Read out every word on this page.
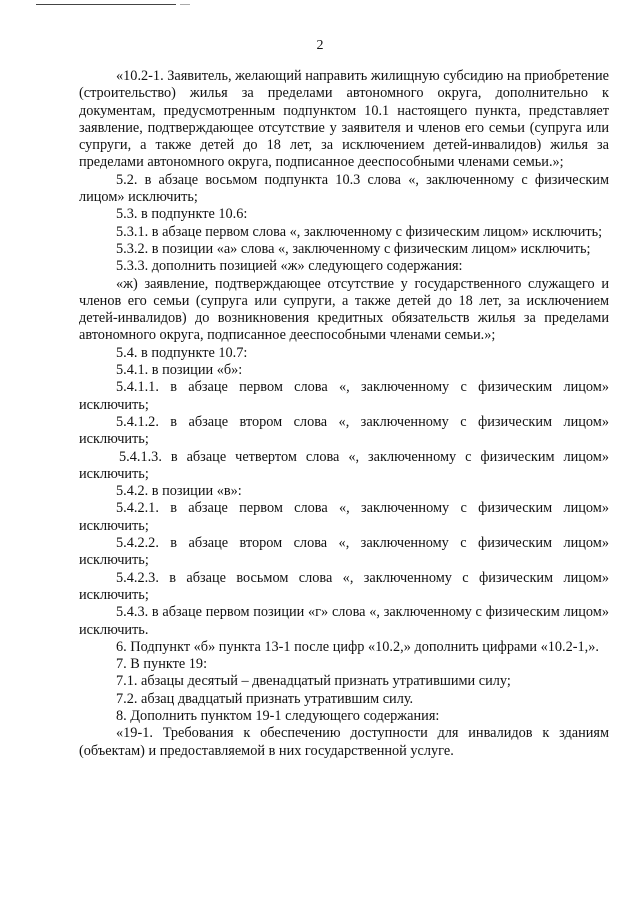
2

«10.2-1. Заявитель, желающий направить жилищную субсидию на приобретение (строительство) жилья за пределами автономного округа, дополнительно к документам, предусмотренным подпунктом 10.1 настоящего пункта, представляет заявление, подтверждающее отсутствие у заявителя и членов его семьи (супруга или супруги, а также детей до 18 лет, за исключением детей-инвалидов) жилья за пределами автономного округа, подписанное дееспособными членами семьи.»;

5.2. в абзаце восьмом подпункта 10.3 слова «, заключенному с физическим лицом» исключить;

5.3. в подпункте 10.6:

5.3.1. в абзаце первом слова «, заключенному с физическим лицом» исключить;

5.3.2. в позиции «а» слова «, заключенному с физическим лицом» исключить;

5.3.3. дополнить позицией «ж» следующего содержания:

«ж) заявление, подтверждающее отсутствие у государственного служащего и членов его семьи (супруга или супруги, а также детей до 18 лет, за исключением детей-инвалидов) до возникновения кредитных обязательств жилья за пределами автономного округа, подписанное дееспособными членами семьи.»;

5.4. в подпункте 10.7:

5.4.1. в позиции «б»:

5.4.1.1. в абзаце первом слова «, заключенному с физическим лицом» исключить;

5.4.1.2. в абзаце втором слова «, заключенному с физическим лицом» исключить;

5.4.1.3. в абзаце четвертом слова «, заключенному с физическим лицом» исключить;

5.4.2. в позиции «в»:

5.4.2.1. в абзаце первом слова «, заключенному с физическим лицом» исключить;

5.4.2.2. в абзаце втором слова «, заключенному с физическим лицом» исключить;

5.4.2.3. в абзаце восьмом слова «, заключенному с физическим лицом» исключить;

5.4.3. в абзаце первом позиции «г» слова «, заключенному с физическим лицом» исключить.

6. Подпункт «б» пункта 13-1 после цифр «10.2,» дополнить цифрами «10.2-1,».

7. В пункте 19:

7.1. абзацы десятый – двенадцатый признать утратившими силу;

7.2. абзац двадцатый признать утратившим силу.

8. Дополнить пунктом 19-1 следующего содержания:

«19-1. Требования к обеспечению доступности для инвалидов к зданиям (объектам) и предоставляемой в них государственной услуге.
